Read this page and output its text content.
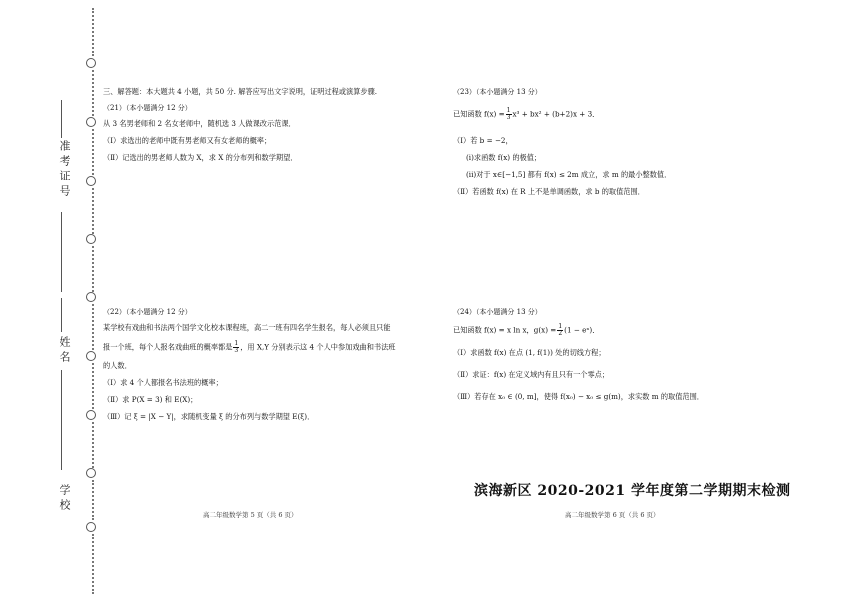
准考证号
姓名
学校
三、解答题：本大题共 4 小题，共 50 分. 解答应写出文字说明，证明过程或演算步骤.
（21）（本小题满分 12 分）
从 3 名男老师和 2 名女老师中，随机选 3 人做课改示范课．
（Ⅰ）求选出的老师中既有男老师又有女老师的概率；
（Ⅱ）记选出的男老师人数为 X，求 X 的分布列和数学期望．
（22）（本小题满分 12 分）
某学校有戏曲和书法两个国学文化校本课程班，高二一班有四名学生报名，每人必须且只能
报一个班，每个人报名戏曲班的概率都是 $\frac{1}{3}$ ，用 X,Y 分别表示这 4 个人中参加戏曲和书法班
的人数．
（Ⅰ）求 4 个人都报名书法班的概率；
（Ⅱ）求 P(X = 3) 和 E(X)；
（Ⅲ）记 ξ = |X − Y|，求随机变量 ξ 的分布列与数学期望 E(ξ)．
高二年级数学第 5 页（共 6 页）
（23）（本小题满分 13 分）
已知函数 $f(x) = \frac{1}{3} x^3 + bx^2 + (b+2)x + 3$．
（Ⅰ）若 b = −2，
(i)求函数 f(x) 的极值；
(ii)对于 x∈[−1,5] 都有 f(x) ≤ 2m 成立，求 m 的最小整数值．
（Ⅱ）若函数 f(x) 在 R 上不是单调函数，求 b 的取值范围．
（24）（本小题满分 13 分）
已知函数 f(x) = x ln x，$g(x) = \frac{1}{2} (1$ − eˣ)．
（Ⅰ）求函数 f(x) 在点 (1, f(1)) 处的切线方程；
（Ⅱ）求证：f(x) 在定义域内有且只有一个零点；
（Ⅲ）若存在 x₀ ∈ (0, m]，使得 f(x₀) − x₀ ≤ g(m)，求实数 m 的取值范围．
滨海新区 2020-2021 学年度第二学期期末检测
高二年级数学第 6 页（共 6 页）
